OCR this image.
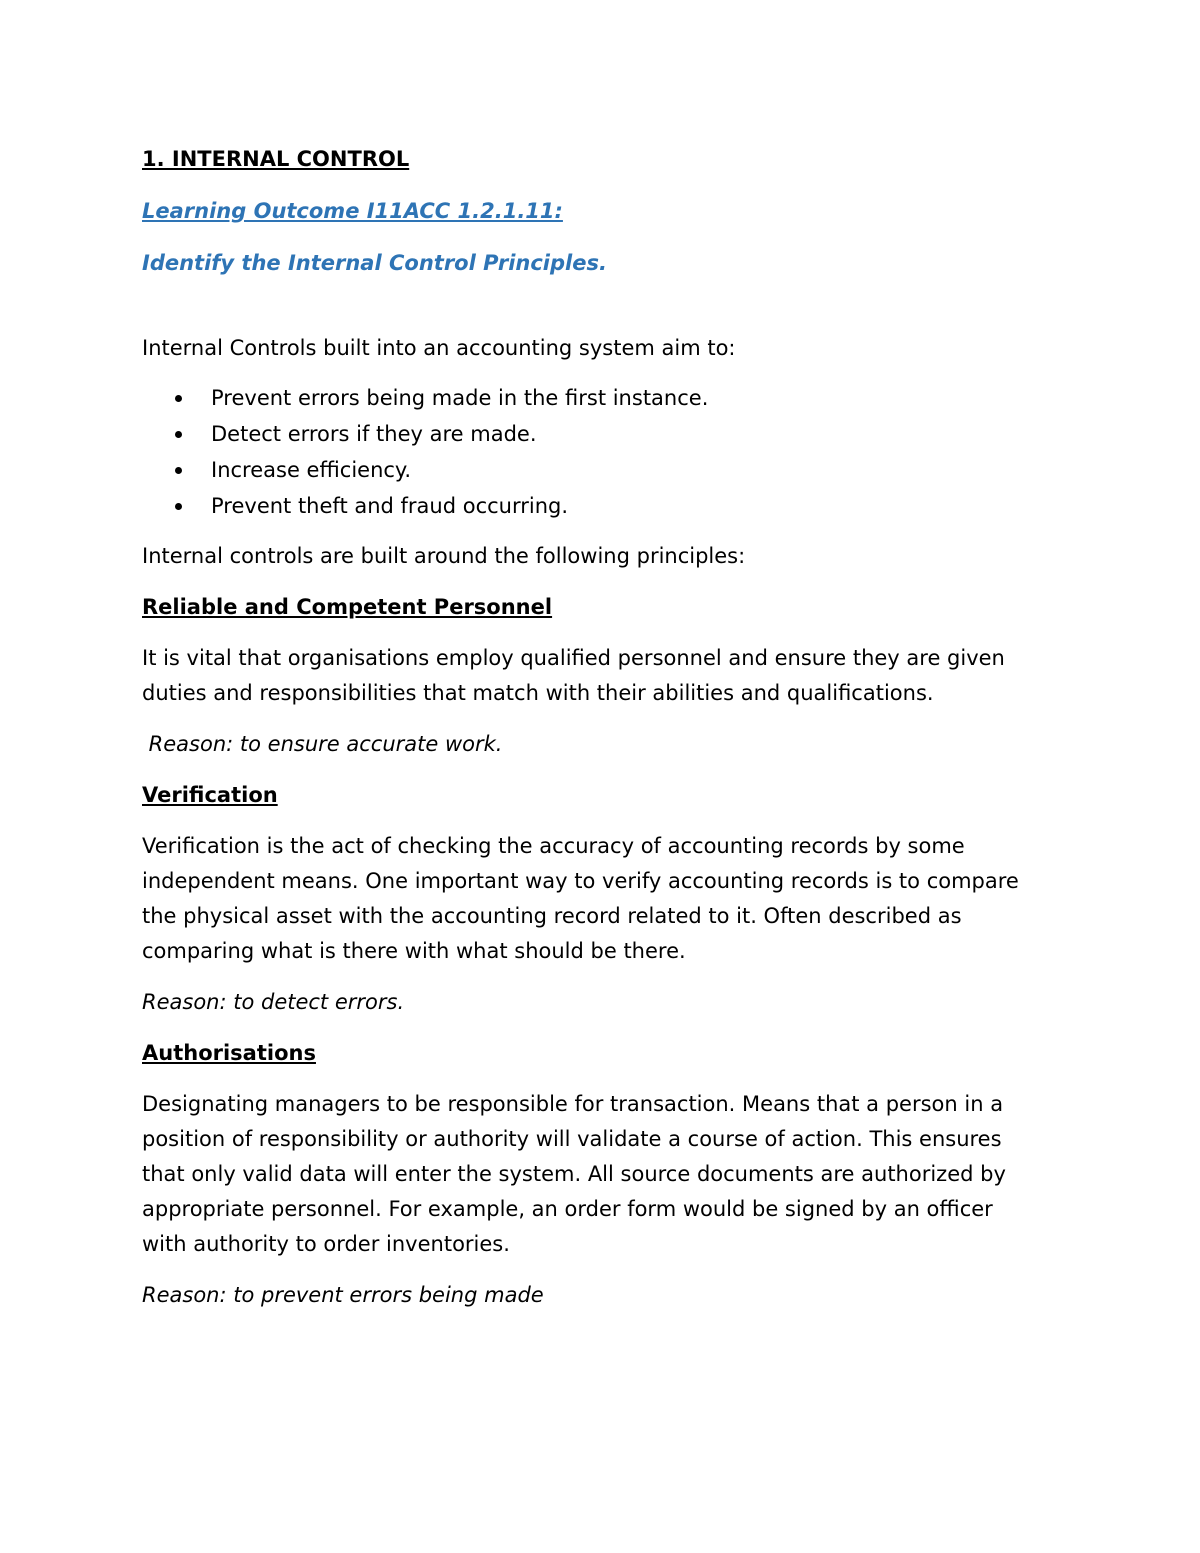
1. INTERNAL CONTROL
Learning Outcome I11ACC 1.2.1.11:
Identify the Internal Control Principles.

Internal Controls built into an accounting system aim to:

Prevent errors being made in the first instance.
Detect errors if they are made.
Increase efficiency.
Prevent theft and fraud occurring.

Internal controls are built around the following principles:

Reliable and Competent Personnel

It is vital that organisations employ qualified personnel and ensure they are given

duties and responsibilities that match with their abilities and qualifications.

Reason: to ensure accurate work.

Verification

Verification is the act of checking the accuracy of accounting records by some

independent means. One important way to verify accounting records is to compare

the physical asset with the accounting record related to it. Often described as

comparing what is there with what should be there.

Reason: to detect errors.

Authorisations

Designating managers to be responsible for transaction. Means that a person in a

position of responsibility or authority will validate a course of action. This ensures

that only valid data will enter the system. All source documents are authorized by

appropriate personnel. For example, an order form would be signed by an officer

with authority to order inventories.

Reason: to prevent errors being made
